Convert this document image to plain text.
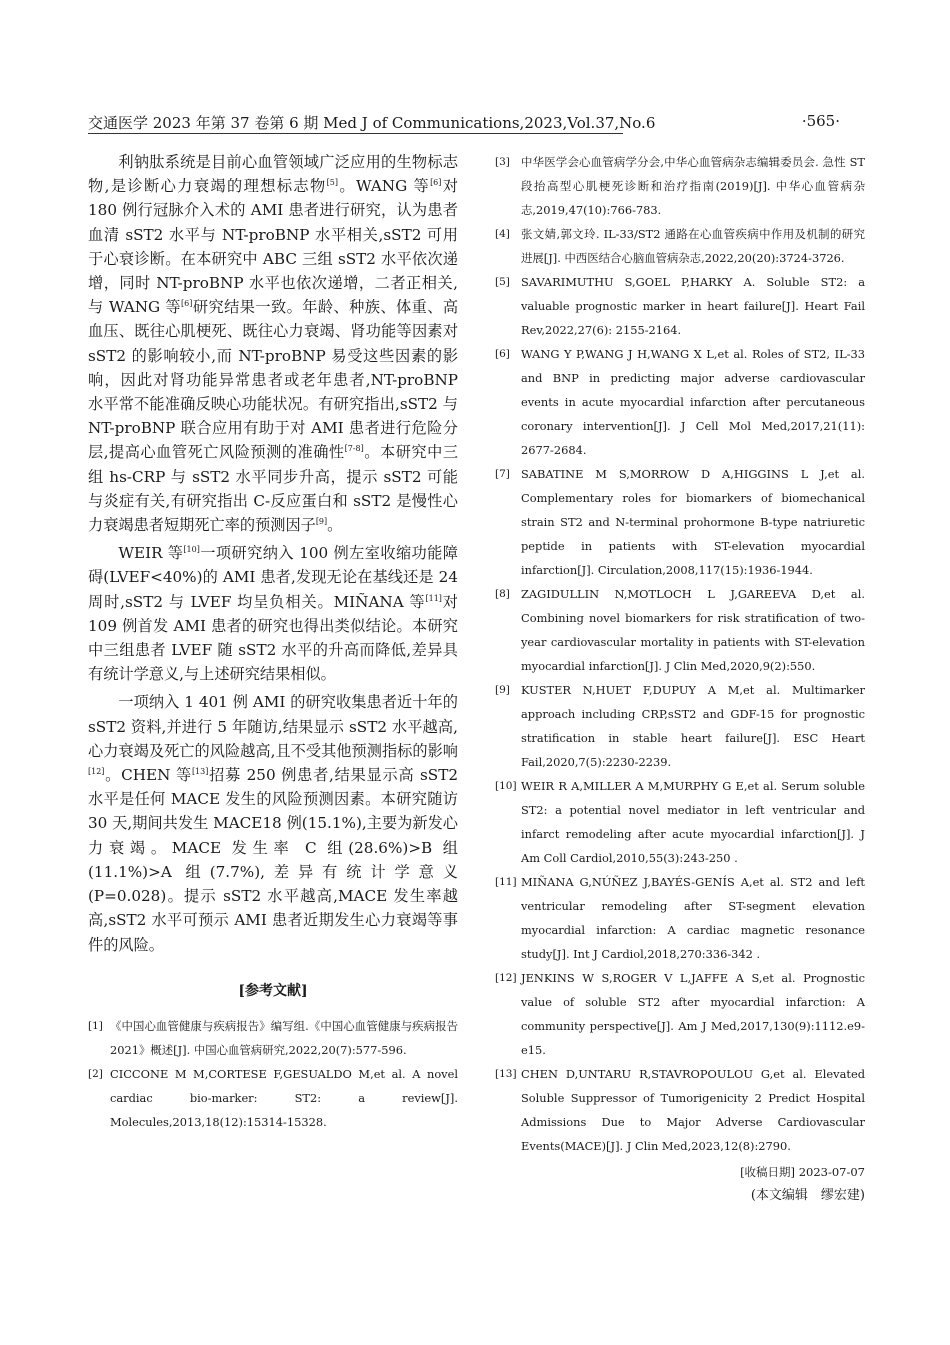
交通医学 2023 年第 37 卷第 6 期 Med J of Communications,2023,Vol.37,No.6	·565·

利钠肽系统是目前心血管领域广泛应用的生物标志物,是诊断心力衰竭的理想标志物[5]。WANG 等[6]对 180 例行冠脉介入术的 AMI 患者进行研究，认为患者血清 sST2 水平与 NT-proBNP 水平相关,sST2 可用于心衰诊断。在本研究中 ABC 三组 sST2 水平依次递增，同时 NT-proBNP 水平也依次递增，二者正相关,与 WANG 等[6]研究结果一致。年龄、种族、体重、高血压、既往心肌梗死、既往心力衰竭、肾功能等因素对 sST2 的影响较小,而 NT-proBNP 易受这些因素的影响，因此对肾功能异常患者或老年患者,NT-proBNP 水平常不能准确反映心功能状况。有研究指出,sST2 与 NT-proBNP 联合应用有助于对 AMI 患者进行危险分层,提高心血管死亡风险预测的准确性[7-8]。本研究中三组 hs-CRP 与 sST2 水平同步升高，提示 sST2 可能与炎症有关,有研究指出 C-反应蛋白和 sST2 是慢性心力衰竭患者短期死亡率的预测因子[9]。

WEIR 等[10]一项研究纳入 100 例左室收缩功能障碍(LVEF<40%)的 AMI 患者,发现无论在基线还是 24 周时,sST2 与 LVEF 均呈负相关。MIÑANA 等[11]对 109 例首发 AMI 患者的研究也得出类似结论。本研究中三组患者 LVEF 随 sST2 水平的升高而降低,差异具有统计学意义,与上述研究结果相似。

一项纳入 1 401 例 AMI 的研究收集患者近十年的 sST2 资料,并进行 5 年随访,结果显示 sST2 水平越高,心力衰竭及死亡的风险越高,且不受其他预测指标的影响[12]。CHEN 等[13]招募 250 例患者,结果显示高 sST2 水平是任何 MACE 发生的风险预测因素。本研究随访 30 天,期间共发生 MACE18 例(15.1%),主要为新发心力衰竭。MACE 发生率 C 组(28.6%)>B 组(11.1%)>A 组(7.7%),差异有统计学意义(P=0.028)。提示 sST2 水平越高,MACE 发生率越高,sST2 水平可预示 AMI 患者近期发生心力衰竭等事件的风险。

[参考文献]
[1] 《中国心血管健康与疾病报告》编写组.《中国心血管健康与疾病报告 2021》概述[J]. 中国心血管病研究,2022,20(7):577-596.
[2] CICCONE M M,CORTESE F,GESUALDO M,et al. A novel cardiac bio-marker: ST2: a review[J]. Molecules,2013,18(12):15314-15328.
[3] 中华医学会心血管病学分会,中华心血管病杂志编辑委员会. 急性 ST 段抬高型心肌梗死诊断和治疗指南(2019)[J]. 中华心血管病杂志,2019,47(10):766-783.
[4] 张文婧,郭文玲. IL-33/ST2 通路在心血管疾病中作用及机制的研究进展[J]. 中西医结合心脑血管病杂志,2022,20(20):3724-3726.
[5] SAVARIMUTHU S,GOEL P,HARKY A. Soluble ST2: a valuable prognostic marker in heart failure[J]. Heart Fail Rev,2022,27(6): 2155-2164.
[6] WANG Y P,WANG J H,WANG X L,et al. Roles of ST2, IL-33 and BNP in predicting major adverse cardiovascular events in acute myocardial infarction after percutaneous coronary intervention[J]. J Cell Mol Med,2017,21(11): 2677-2684.
[7] SABATINE M S,MORROW D A,HIGGINS L J,et al. Complementary roles for biomarkers of biomechanical strain ST2 and N-terminal prohormone B-type natriuretic peptide in patients with ST-elevation myocardial infarction[J]. Circulation,2008,117(15):1936-1944.
[8] ZAGIDULLIN N,MOTLOCH L J,GAREEVA D,et al. Combining novel biomarkers for risk stratification of two-year cardiovascular mortality in patients with ST-elevation myocardial infarction[J]. J Clin Med,2020,9(2):550.
[9] KUSTER N,HUET F,DUPUY A M,et al. Multimarker approach including CRP,sST2 and GDF-15 for prognostic stratification in stable heart failure[J]. ESC Heart Fail,2020,7(5):2230-2239.
[10] WEIR R A,MILLER A M,MURPHY G E,et al. Serum soluble ST2: a potential novel mediator in left ventricular and infarct remodeling after acute myocardial infarction[J]. J Am Coll Cardiol,2010,55(3):243-250 .
[11] MIÑANA G,NÚÑEZ J,BAYÉS-GENÍS A,et al. ST2 and left ventricular remodeling after ST-segment elevation myocardial infarction: A cardiac magnetic resonance study[J]. Int J Cardiol,2018,270:336-342 .
[12] JENKINS W S,ROGER V L,JAFFE A S,et al. Prognostic value of soluble ST2 after myocardial infarction: A community perspective[J]. Am J Med,2017,130(9):1112.e9-e15.
[13] CHEN D,UNTARU R,STAVROPOULOU G,et al. Elevated Soluble Suppressor of Tumorigenicity 2 Predict Hospital Admissions Due to Major Adverse Cardiovascular Events(MACE)[J]. J Clin Med,2023,12(8):2790.
[收稿日期] 2023-07-07
(本文编辑　缪宏建)
